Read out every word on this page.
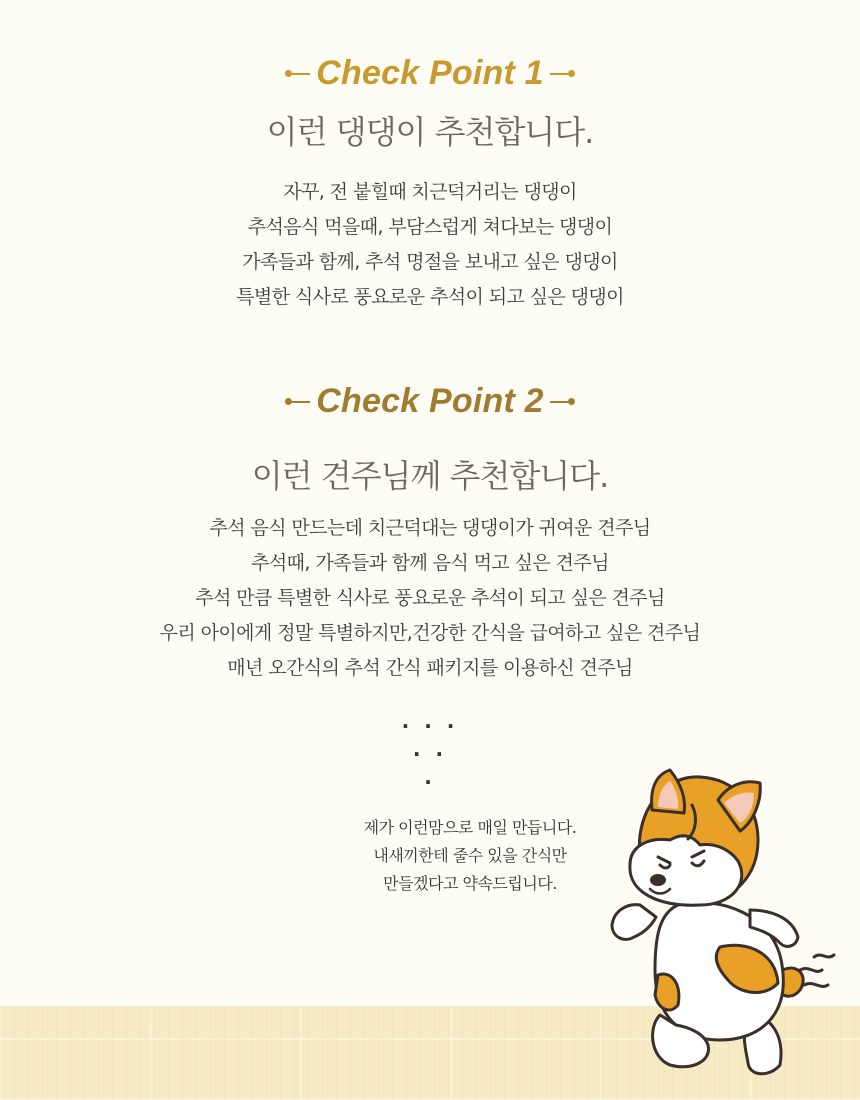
Check Point 1
이런 댕댕이 추천합니다.
자꾸, 전 붙힐때 치근덕거리는 댕댕이
추석음식 먹을때, 부담스럽게 쳐다보는 댕댕이
가족들과 함께, 추석 명절을 보내고 싶은 댕댕이
특별한 식사로 풍요로운 추석이 되고 싶은 댕댕이
Check Point 2
이런 견주님께 추천합니다.
추석 음식 만드는데 치근덕대는 댕댕이가 귀여운 견주님
추석때, 가족들과 함께 음식 먹고 싶은 견주님
추석 만큼 특별한 식사로 풍요로운 추석이 되고 싶은 견주님
우리 아이에게 정말 특별하지만,건강한 간식을 급여하고 싶은 견주님
매년 오간식의 추석 간식 패키지를 이용하신 견주님
· · ·
· ·
·
제가 이런맘으로 매일 만듭니다.
내새끼한테 줄수 있을 간식만
만들겠다고 약속드립니다.
